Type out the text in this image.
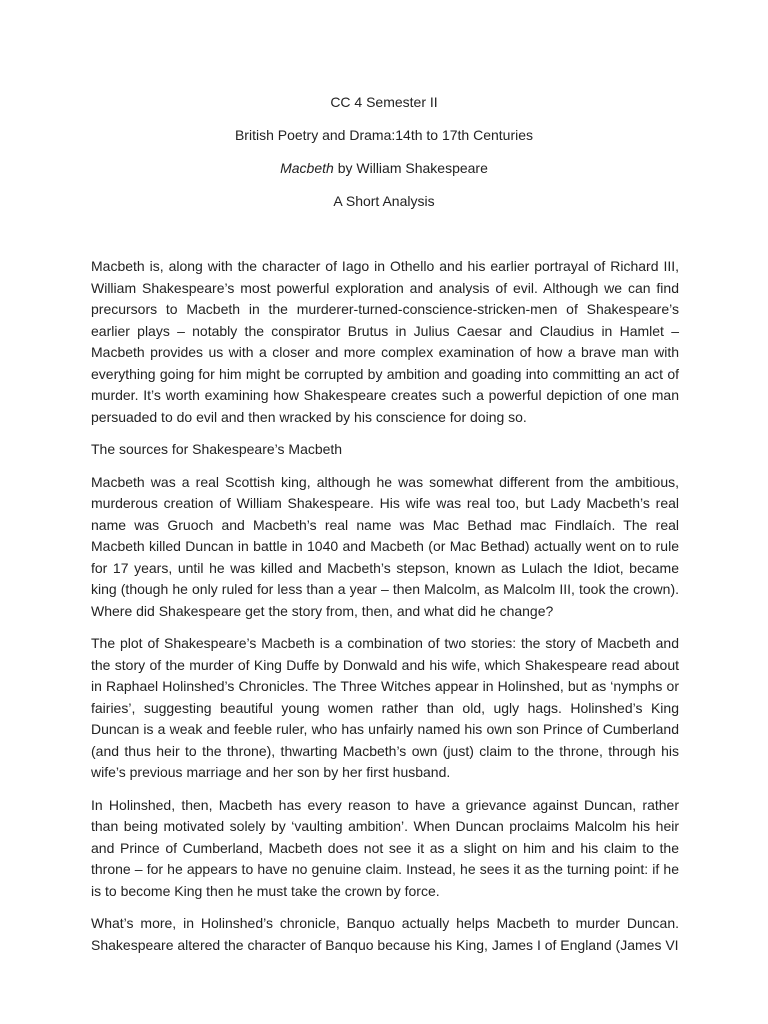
CC 4 Semester II
British Poetry and Drama:14th to 17th Centuries
Macbeth by William Shakespeare
A Short Analysis

Macbeth is, along with the character of Iago in Othello and his earlier portrayal of Richard III, William Shakespeare’s most powerful exploration and analysis of evil. Although we can find precursors to Macbeth in the murderer-turned-conscience-stricken-men of Shakespeare’s earlier plays – notably the conspirator Brutus in Julius Caesar and Claudius in Hamlet – Macbeth provides us with a closer and more complex examination of how a brave man with everything going for him might be corrupted by ambition and goading into committing an act of murder. It’s worth examining how Shakespeare creates such a powerful depiction of one man persuaded to do evil and then wracked by his conscience for doing so.

The sources for Shakespeare’s Macbeth

Macbeth was a real Scottish king, although he was somewhat different from the ambitious, murderous creation of William Shakespeare. His wife was real too, but Lady Macbeth’s real name was Gruoch and Macbeth’s real name was Mac Bethad mac Findlaích. The real Macbeth killed Duncan in battle in 1040 and Macbeth (or Mac Bethad) actually went on to rule for 17 years, until he was killed and Macbeth’s stepson, known as Lulach the Idiot, became king (though he only ruled for less than a year – then Malcolm, as Malcolm III, took the crown). Where did Shakespeare get the story from, then, and what did he change?

The plot of Shakespeare’s Macbeth is a combination of two stories: the story of Macbeth and the story of the murder of King Duffe by Donwald and his wife, which Shakespeare read about in Raphael Holinshed’s Chronicles. The Three Witches appear in Holinshed, but as ‘nymphs or fairies’, suggesting beautiful young women rather than old, ugly hags. Holinshed’s King Duncan is a weak and feeble ruler, who has unfairly named his own son Prince of Cumberland (and thus heir to the throne), thwarting Macbeth’s own (just) claim to the throne, through his wife’s previous marriage and her son by her first husband.

In Holinshed, then, Macbeth has every reason to have a grievance against Duncan, rather than being motivated solely by ‘vaulting ambition’. When Duncan proclaims Malcolm his heir and Prince of Cumberland, Macbeth does not see it as a slight on him and his claim to the throne – for he appears to have no genuine claim. Instead, he sees it as the turning point: if he is to become King then he must take the crown by force.

What’s more, in Holinshed’s chronicle, Banquo actually helps Macbeth to murder Duncan. Shakespeare altered the character of Banquo because his King, James I of England (James VI
